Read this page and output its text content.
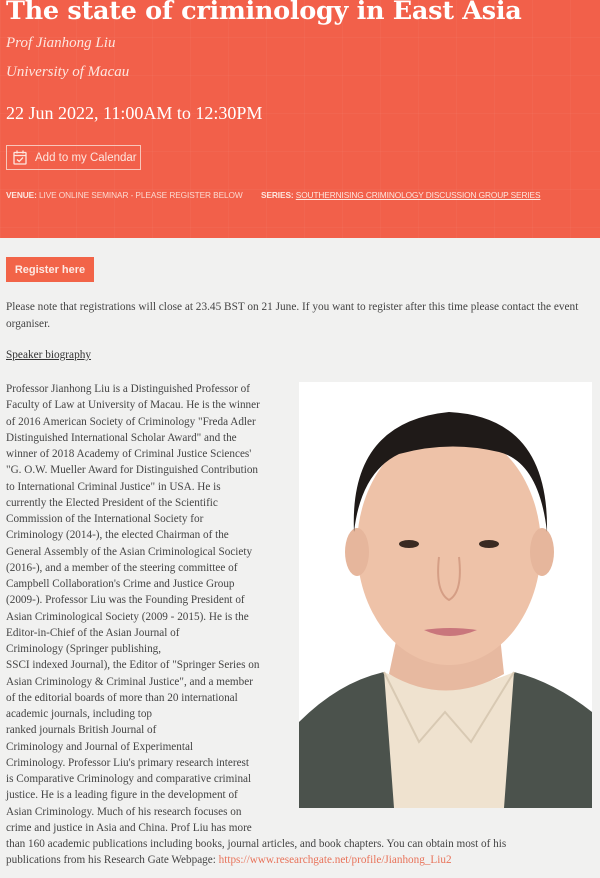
The state of criminology in East Asia
Prof Jianhong Liu
University of Macau
22 Jun 2022, 11:00AM to 12:30PM
Add to my Calendar
VENUE: LIVE ONLINE SEMINAR - PLEASE REGISTER BELOW SERIES: SOUTHERNISING CRIMINOLOGY DISCUSSION GROUP SERIES
Register here

Please note that registrations will close at 23.45 BST on 21 June. If you want to register after this time please contact the event organiser.

Speaker biography
Professor Jianhong Liu is a Distinguished Professor of
Faculty of Law at University of Macau. He is the winner
of 2016 American Society of Criminology "Freda Adler
Distinguished International Scholar Award" and the
winner of 2018 Academy of Criminal Justice Sciences'
"G. O.W. Mueller Award for Distinguished Contribution
to International Criminal Justice" in USA. He is
currently the Elected President of the Scientific
Commission of the International Society for
Criminology (2014-), the elected Chairman of the
General Assembly of the Asian Criminological Society
(2016-), and a member of the steering committee of
Campbell Collaboration's Crime and Justice Group
(2009-). Professor Liu was the Founding President of
Asian Criminological Society (2009 - 2015). He is the
Editor-in-Chief of the Asian Journal of
Criminology (Springer publishing,
SSCI indexed Journal), the Editor of "Springer Series on
Asian Criminology & Criminal Justice", and a member
of the editorial boards of more than 20 international
academic journals, including top
ranked journals British Journal of
Criminology and Journal of Experimental
Criminology. Professor Liu's primary research interest
is Comparative Criminology and comparative criminal
justice. He is a leading figure in the development of
Asian Criminology. Much of his research focuses on
crime and justice in Asia and China. Prof Liu has more
than 160 academic publications including books, journal articles, and book chapters. You can obtain most of his
publications from his Research Gate Webpage: https://www.researchgate.net/profile/Jianhong_Liu2
